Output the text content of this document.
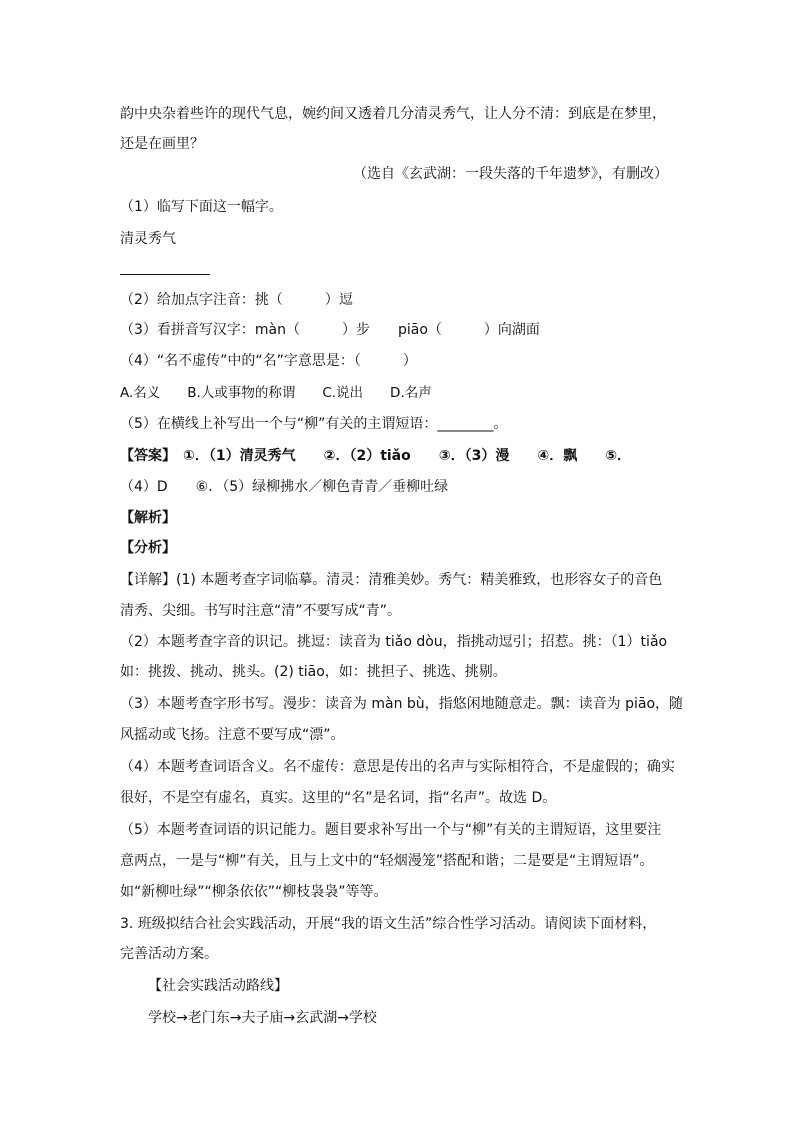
韵中央杂着些许的现代气息，婉约间又透着几分清灵秀气，让人分不清：到底是在梦里，
还是在画里？
（选自《玄武湖：一段失落的千年遗梦》，有删改）
（1）临写下面这一幅字。
清灵秀气
（2）给加点字注音：挑（　　　）逗
（3）看拼音写汉字：màn（　　　）步　　piāo（　　　）向湖面
（4）“名不虚传”中的“名”字意思是：（　　　）
A.名义　　B.人或事物的称谓　　C.说出　　D.名声
（5）在横线上补写出一个与“柳”有关的主谓短语：________。
【答案】　①．（1）清灵秀气　　②．（2）tiǎo　　③．（3）漫　　④．飘　　⑤．
（4）D　　⑥．（5）绿柳拂水／柳色青青／垂柳吐绿
【解析】
【分析】
【详解】(1) 本题考查字词临摹。清灵：清雅美妙。秀气：精美雅致，也形容女子的音色
清秀、尖细。书写时注意“清”不要写成“青”。
（2）本题考查字音的识记。挑逗：读音为 tiǎo dòu，指挑动逗引；招惹。挑：（1）tiǎo
如：挑拨、挑动、挑头。(2) tiāo，如：挑担子、挑选、挑剔。
（3）本题考查字形书写。漫步：读音为 màn bù，指悠闲地随意走。飘：读音为 piāo，随
风摇动或飞扬。注意不要写成“漂”。
（4）本题考查词语含义。名不虚传：意思是传出的名声与实际相符合，不是虚假的；确实
很好，不是空有虚名，真实。这里的“名”是名词，指“名声”。故选 D。
（5）本题考查词语的识记能力。题目要求补写出一个与“柳”有关的主谓短语，这里要注
意两点，一是与“柳”有关，且与上文中的“轻烟漫笼”搭配和谐；二是要是“主谓短语”。
如“新柳吐绿”“柳条依依”“柳枝袅袅”等等。
3. 班级拟结合社会实践活动，开展“我的语文生活”综合性学习活动。请阅读下面材料，
完善活动方案。
【社会实践活动路线】
学校→老门东→夫子庙→玄武湖→学校
